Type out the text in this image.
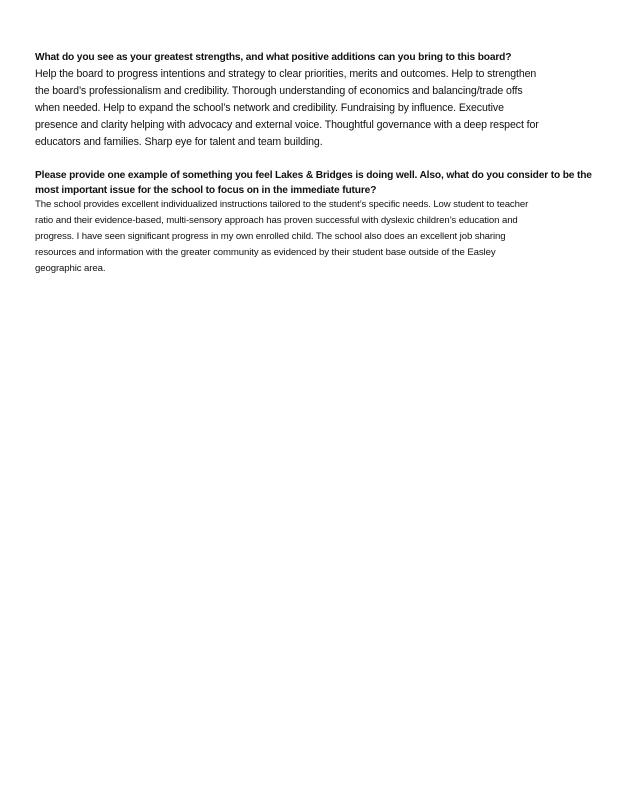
What do you see as your greatest strengths, and what positive additions can you bring to this board?
Help the board to progress intentions and strategy to clear priorities, merits and outcomes. Help to strengthen
the board’s professionalism and credibility. Thorough understanding of economics and balancing/trade offs
when needed. Help to expand the school’s network and credibility. Fundraising by influence. Executive
presence and clarity helping with advocacy and external voice. Thoughtful governance with a deep respect for
educators and families. Sharp eye for talent and team building.
Please provide one example of something you feel Lakes & Bridges is doing well. Also, what do you consider to be the
most important issue for the school to focus on in the immediate future?
The school provides excellent individualized instructions tailored to the student’s specific needs. Low student to teacher
ratio and their evidence-based, multi-sensory approach has proven successful with dyslexic children’s education and
progress. I have seen significant progress in my own enrolled child. The school also does an excellent job sharing
resources and information with the greater community as evidenced by their student base outside of the Easley
geographic area.
